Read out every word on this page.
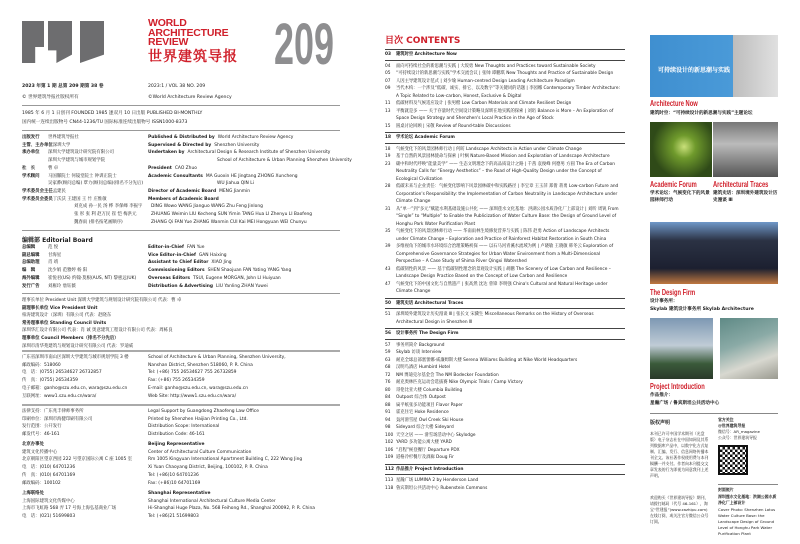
WORLD
ARCHITECTURE
REVIEW
世界建筑导报 209
2023 年第 1 期 总第 209 期第 38 卷	2023:1 / VOL 38 NO. 209
© 世界建筑导报社版权所有	©World Architecture Review Agency
1985 年 6 月 1 日创刊 FOUNDED 1985 逢双月 10 日出版 PUBLISHED BI-MONTHLY
国内统一连续出版物号 CN44-1236/TU 国际标准连续出版物号 ISSN1000-8373
出版发行 世界建筑导报社	Published & Distributed by World Architecture Review Agency
主管、主办单位深圳大学	Supervised & Directed by Shenzhen University
承办单位 深圳大学建筑设计研究院有限公司	Undertaken by Architectural Design & Research Institute of Shenzhen University
深圳大学建筑与城市规划学院	School of Architecture & Urban Planning Shenzhen University
社　长	曹 卓	President CAO Zhuo
学术顾问 马国馨院士 何镜堂院士 钟训正院士	Academic Consultants MA Guoxin HE Jingtang ZHONG Xuncheng
吴家骅(顾问总编) 覃力(顾问总编)(排名不分先后)	WU Jiahua QIN Li
学术委员会主任孟建民	Director of Academic Board MENG Jianmin
学术委员会委员丁沃沃 王建国 王 竹 庄惟敏	Members of Academic Board
刘克成 孙一民 汤 桦 李保峰 李振宇	DING Wowo WANG Jianguo WANG Zhu Feng Jinlong
张 彤 张 利 赵万民 崔 恺 梅洪元	ZHUANG Weimin LIU Kecheng SUN Yimin TANG Hua LI Zhenyu LI Baofeng
魏春雨 (排名按笔画顺序)	ZHANG Qi FAN Yue ZHANG Wanmin CUI Kai MEI Hongyuan WEI Chunyu
编辑部 Editorial Board
总编辑	范 悦	Editor-in-Chief FAN Yue
副总编辑 甘海星	Vice Editor-in-Chief GAN Haixing
总编助理 肖 靖	Assistant to Chief Editor XIAO Jing
编　辑	沈少娟 范雅婷 杨 阳	Commissioning Editors SHEN Shaojuan FAN Yating YANG Yang
海外编辑 崔悦君(US) 约翰·莫根(AUS, NT) 黎惠远(UK)	Overseas Editors TSUI, Eugene MORGAN, John LI Huiyuan
发行广告 刘雁玲 詹钰薇	Distribution & Advertising LIU Yanling ZHAN Yuwei
理事长单位 President Unit 深圳大学建筑与规划设计研究院有限公司 代表：曹 卓
副理事长单位 Vice President Unit
柏涛建筑设计（深圳）有限公司 代表：赵晓东
常务理事单位 Standing Council Units
深圳华汇设计有限公司 代表：肖 诚 奥意建筑工程设计有限公司 代表：周栋良
理事单位 Council Members（排名不分先后）
深圳市清华苑建筑与规划设计研究有限公司 代表：罗迪威
广东省深圳市南山区深圳大学建筑与城市规划学院 3 楼	School of Architecture & Urban Planning, Shenzhen University,
邮政编码：518060	Nanshan District, Shenzhen 518060, P. R. China
电　话：(0755) 26534627 26732857	Tel: (+86) 755 26534627 755 26732859
传　真：(0755) 26534359	Fax: (+86) 755 26534359
电子邮箱：ganho@szu.edu.cn, wara@szu.edu.cn	E-mail: ganho@szu.edu.cn, wara@szu.edu.cn
互联网址：www1.szu.edu.cn/wara/	Web Site: http://www1.szu.edu.cn/wara/
法律支持：广东兆丰律师事务所	Legal Support by Guangdong Zhaofeng Law Office
印刷单位：深圳市海健印刷有限公司	Printed by Shenzhen Haijian Printing Co., Ltd.
发行范围：公开发行	Distribution Scope: International
邮发代号：46-161	Distribution Code: 46-161
北京办事处	Beijing Representative
建筑文化传播中心	Center of Architectural Culture Communication
北京朝阳区望京西园 222 号望京国际公寓 C 座 1005 室	Rm 1005 Kingyuan International Apartment Building C, 222 Wang Jing
电　话：(010) 64701236	Xi Yuan Chaoyang District, Beijing, 100102, P. R. China
传　真：(010) 64701169	Tel: (+86)10 64701236
邮政编码：100102	Fax: (+86)10 64701169
上海联络处	Shanghai Representative
上海国际建筑文化传媒中心	Shanghai International Architectural Culture Media Center
上海市飞虹路 568 弄 17 号海上海弘基商业广场	Hi-Shanghai Huge Plaza, No. 568 Feihong Rd., Shanghai 200092, P. R. China
电　话：(021) 51699803	Tel: (+86)21 51699803
目次 CONTENTS
03	建筑时空 Architecture Now
04	面向可持续社会的新思潮与实践 | 大坂勇 New Thoughts and Practices toward Sustainable Society
05	“可持续设计的新思潮与实践”学术交流会议 | 张帅 谭鹏琪 New Thoughts and Practice of Sustainable Design
07	人因主导建筑设计范式 | 刘少瑜 Human-centred Design Leading Architecture Paradigm
09	当代木构：一个涉及“低碳、诚实、排它、以及数字”等关键词的话题 | 李园娜 Contemporary Timber Architecture: A Topic Related to Low-carbon, Honest, Exclusive & Digital
11	低碳材料及气候适应设计 | 张男楷 Low Carbon Materials and Climate Resilient Design
13	平衡就是多 —— 关于存量时代空间设计策略及深圳在地实践的探索 | 刘珩 Balance is More – An Exploration of Space Design Strategy and Shenzhen's Local Practice in the Age of Stock
15	圆桌讨论回顾 | 宋敬 Review of Round-table Discussions
18	学术论坛 Academic Forum
18	气候变化下的风景园林师行动 | 何昉 Landscape Architects in Action under Climate Change
19	基于自然的风景园林使命与探索 | 叶枫 Nature-Based Mission and Exploration of Landscape Architecture
23	碳中和时代呼唤“能量美学” —— 生态文明理念下的高品质设计之路 | 千茜 袁俊峰 何德男 方圆 The Era of Carbon Neutrality Calls for “Energy Aesthetics” – the Road of High-Quality Design under the Concept of Ecological Civilization
28	低碳未来与企业责任：气候变化影响下风景园林碳中和实践路径 | 李宝章 王玉萍 郑倩 蒋勇 Low-carbon Future and Corporation's Responsibility: the Implementation of Carbon Neutrality in Landscape Architecture under Climate Change
31	从“单一”到“多元”赋能水利基础设施公共化 —— 深圳莲水文化基地：洪湖公园水质净化厂上部设计 | 刘昕 周锐 From “Single” to “Multiple” to Enable the Publicization of Water Culture Base: the Design of Ground Level of Honghu Park Water Purification Plant
35	气候变化下的风景园林师行动 —— 华南雨林生境修复营养与实践 | 陈伟 赵勇 Action of Landscape Architects under Climate Change – Exploration and Practice of Rainforest Habitat Restoration in South China
39	多维视角下的城市水环境综合治理策略初探 —— 以石马河青溪水流域为例 | 卢晓敏 王晓敏 韩冬云 Exploration of Comprehensive Governance Strategies for Urban Water Environment from a Multi-Dimensional Perspective – A Case Study of Shima River Qingxi Watershed
43	低碳韧性的风景 —— 基于低碳韧性理念的景观设计实践 | 胡鹏 The Scenery of Low Carbon and Resilience – Landscape Design Practice Based on the Concept of Low Carbon and Resilience
47	气候变化下的中国文化与自然遗产 | 张高然 沈达 曾锋 李明强 China's Cultural and Natural Heritage under Climate Change
50	建筑史话 Architectural Traces
51	深圳境外建筑设计历史漫谈 Ⅲ | 张长文 宋骥生 Miscellaneous Remarks on the History of Overseas Architectural Design in Shenzhen Ⅲ
56	设计事务所 The Design Firm
57	事务所简介 Background
59	Skylab 访谈 Interview
63	耐克全球总部塞蕾娜·威廉姆斯大楼 Serena Williams Building at Nike World Headquarters
68	汉明鸟酒店 Humbird Hotel
72	NM 博迪克尔基金会 The NM Bodecker Foundation
76	耐克奥林匹克运动会选拔赛 Nike Olympic Trials / Camp Victory
80	哥伦比亚大楼 Columbia Building
84	Outpost 综合体 Outpost
88	扁平纸张多功能项目 Flavor Paper
91	霍克住宅 Hoke Residence
94	枭河滑雪屋 Owl Creek Ski House
98	Sideyard 综合大楼 Sideyard
100 天空之居 —— 滑雪场活动中心 Skylodge
102 YARD 多功能公寓大楼 YARD
106 “启程”候登餐厅 Departure PDX
109 道格冷杉餐厅及酒廊 Doug Fir
112 作品推介 Project Introduction
113 星瀚广场 LUMINA 2 by Henderson Land
118 鲁宾斯坦公共活动中心 Rubenstein Commons
可持续设计的新思潮与实践
Architecture Now
建筑时空：“可持续设计的新思潮与实践”主题论坛
Academic Forum
学术论坛：气候变化下的风景园林师行动
Architectural Traces
建筑史话：深圳境外建筑设计历史漫谈 Ⅲ
The Design Firm
设计事务所：
Skylab 建筑设计事务所 Skylab Architecture
Project Introduction
作品推介：
星瀚广场 / 鲁宾斯坦公共活动中心
版权声明
本刊已许可中国学术期刊（光盘版）电子杂志社在中国知网及其系列数据库产品中，以数字化方式复制、汇编、发行、信息网络传播本刊全文。该社著作权使用费与本刊稿酬一并支付。作者向本刊提交文章发表的行为即视为同意我刊上述声明。
欢迎购买《世界建筑导报》期刊，请拨打邮局（代号 46-161），淘宝“世建报”(www.zazhipu.com) 在线订阅，或关注官方微信公众号订阅。
官方关注
@世界建筑导报
微信号：AR_magazine
公众号：世界建筑导报
封面照片
深圳莲水文化基地：洪湖公园水质净化厂上部设计
Cover Photo: Shenzhen Lotus Water Culture Base: the Landscape Design of Ground Level of Honghu Park Water Purification Plant
